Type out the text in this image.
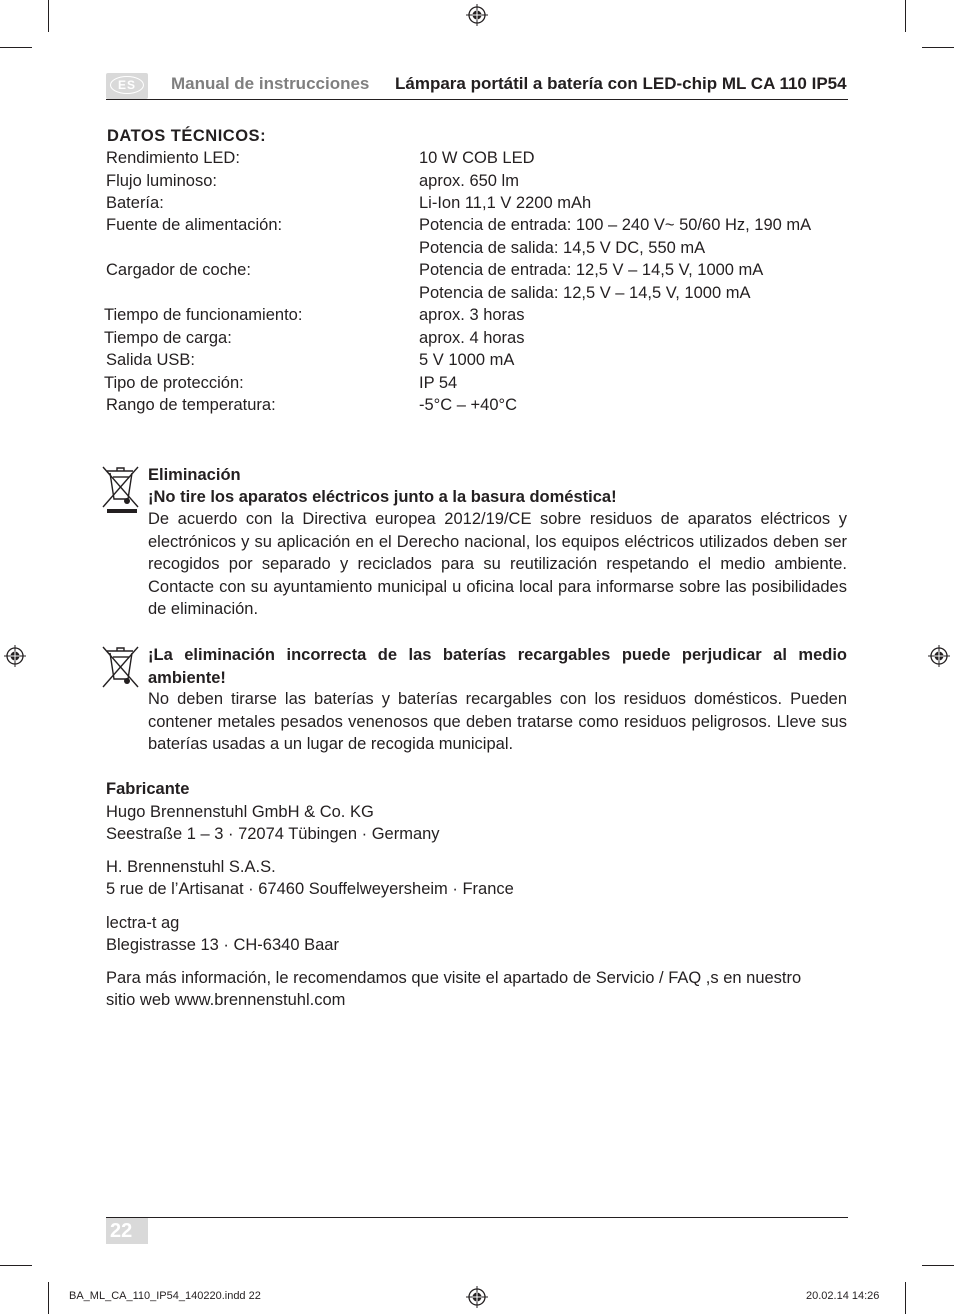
ES	Manual de instrucciones Lámpara portátil a batería con LED-chip ML CA 110 IP54
DATOS TÉCNICOS:
Rendimiento LED:	10 W COB LED
Flujo luminoso:	aprox. 650 lm
Batería:	Li-Ion 11,1 V 2200 mAh
Fuente de alimentación:	Potencia de entrada: 100 – 240 V~ 50/60 Hz, 190 mA
Potencia de salida: 14,5 V DC, 550 mA
Cargador de coche:	Potencia de entrada: 12,5 V – 14,5 V, 1000 mA
Potencia de salida: 12,5 V – 14,5 V, 1000 mA
Tiempo de funcionamiento:	aprox. 3 horas
Tiempo de carga:	aprox. 4 horas
Salida USB:	5 V 1000 mA
Tipo de protección:	IP 54
Rango de temperatura:	-5°C – +40°C
Eliminación
¡No tire los aparatos eléctricos junto a la basura doméstica!
De acuerdo con la Directiva europea 2012/19/CE sobre residuos de aparatos eléctricos y electrónicos y su aplicación en el Derecho nacional, los equipos eléctricos utilizados deben ser recogidos por separado y reciclados para su reutilización respetando el medio ambiente. Contacte con su ayuntamiento municipal u oficina local para informarse sobre las posibilidades de eliminación.
¡La eliminación incorrecta de las baterías recargables puede perjudicar al medio ambiente!
No deben tirarse las baterías y baterías recargables con los residuos domésticos. Pueden contener metales pesados venenosos que deben tratarse como residuos peligrosos. Lleve sus baterías usadas a un lugar de recogida municipal.
Fabricante
Hugo Brennenstuhl GmbH & Co. KG
Seestraße 1 – 3 · 72074 Tübingen · Germany
H. Brennenstuhl S.A.S.
5 rue de l’Artisanat · 67460 Souffelweyersheim · France
lectra-t ag
Blegistrasse 13 · CH-6340 Baar
Para más información, le recomendamos que visite el apartado de Servicio / FAQ ,s en nuestro
sitio web www.brennenstuhl.com
22
BA_ML_CA_110_IP54_140220.indd 22	20.02.14 14:26
